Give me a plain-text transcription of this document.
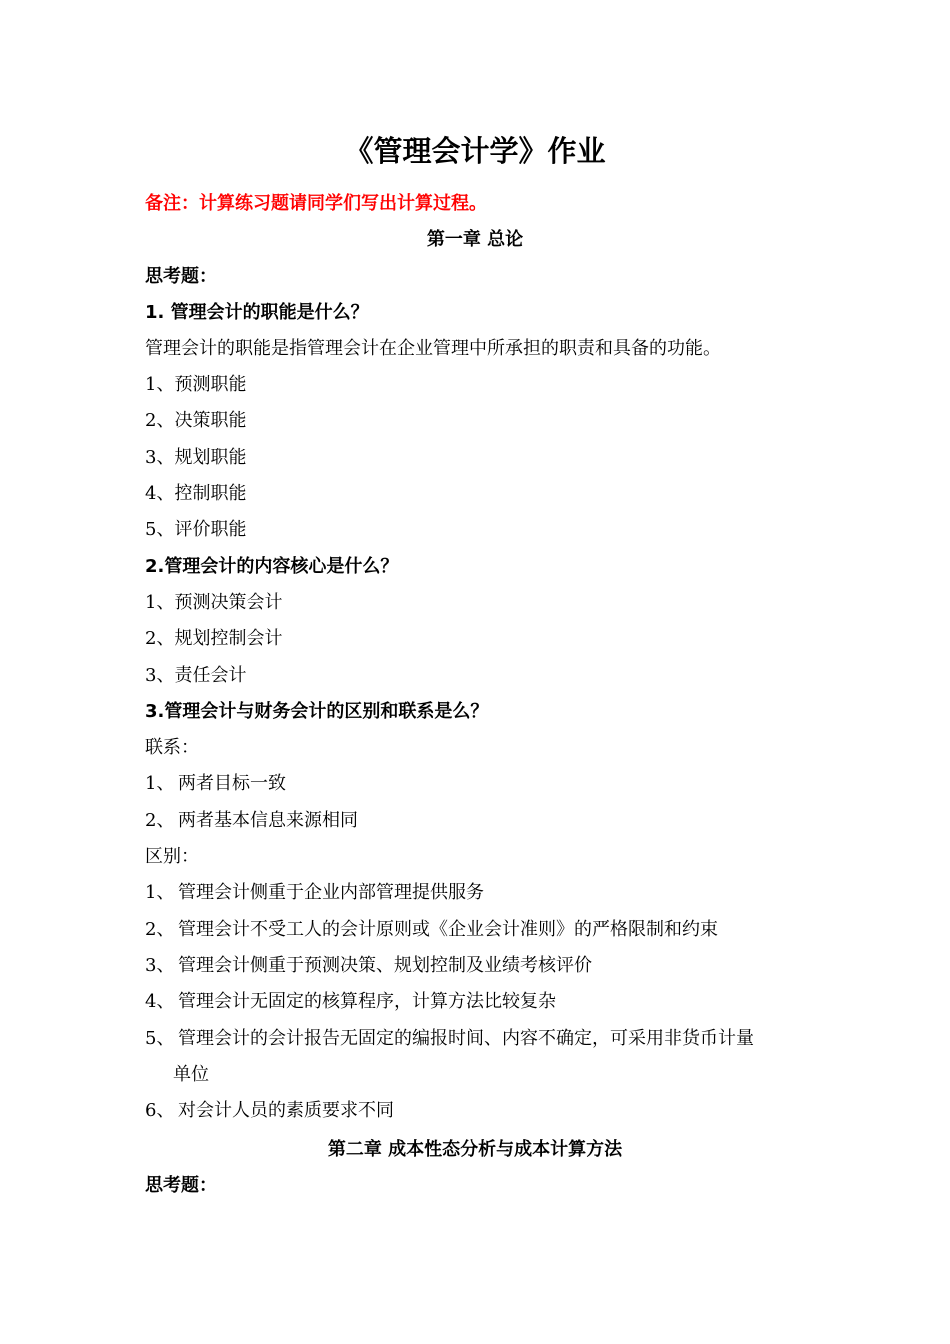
《管理会计学》作业
备注：计算练习题请同学们写出计算过程。
第一章 总论
思考题：
1. 管理会计的职能是什么？
管理会计的职能是指管理会计在企业管理中所承担的职责和具备的功能。
1、预测职能
2、决策职能
3、规划职能
4、控制职能
5、评价职能
2.管理会计的内容核心是什么？
1、预测决策会计
2、规划控制会计
3、责任会计
3.管理会计与财务会计的区别和联系是么？
联系：
1、 两者目标一致
2、 两者基本信息来源相同
区别：
1、 管理会计侧重于企业内部管理提供服务
2、 管理会计不受工人的会计原则或《企业会计准则》的严格限制和约束
3、 管理会计侧重于预测决策、规划控制及业绩考核评价
4、 管理会计无固定的核算程序，计算方法比较复杂
5、 管理会计的会计报告无固定的编报时间、内容不确定，可采用非货币计量
单位
6、 对会计人员的素质要求不同
第二章 成本性态分析与成本计算方法
思考题：
